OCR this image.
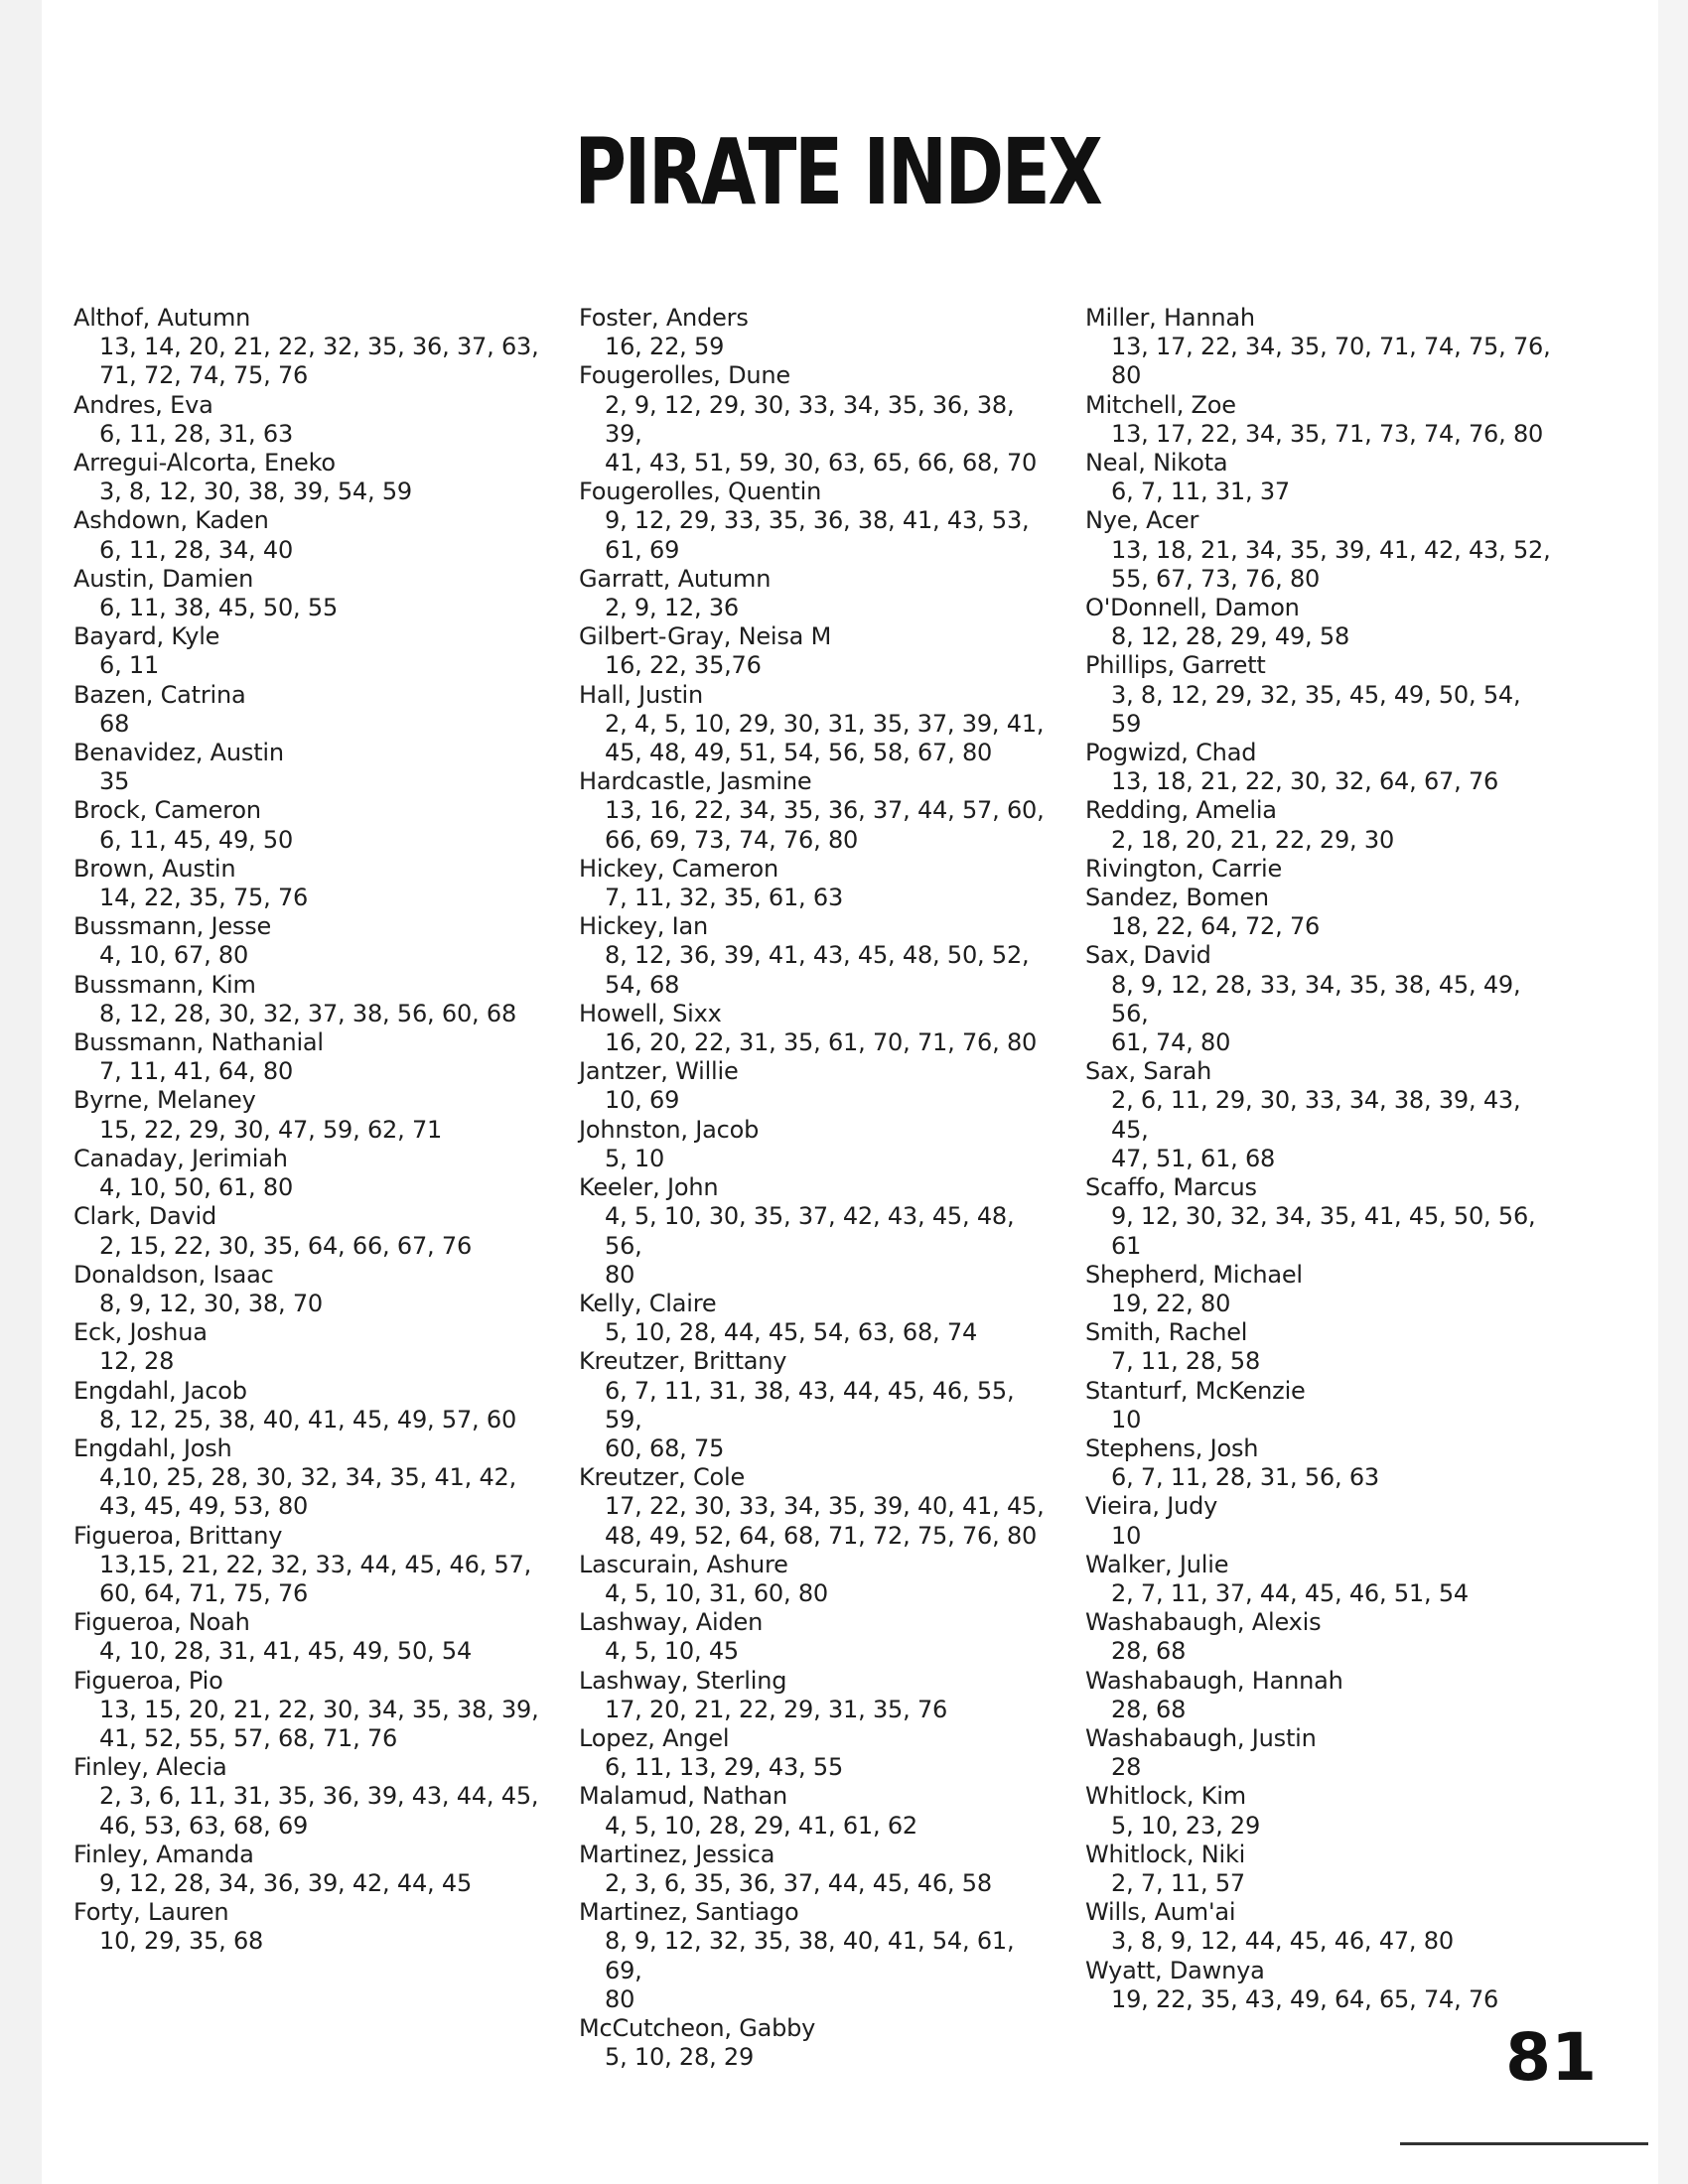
PIRATE INDEX
Althof, Autumn
13, 14, 20, 21, 22, 32, 35, 36, 37, 63,
71, 72, 74, 75, 76
Andres, Eva
6, 11, 28, 31, 63
Arregui-Alcorta, Eneko
3, 8, 12, 30, 38, 39, 54, 59
Ashdown, Kaden
6, 11, 28, 34, 40
Austin, Damien
6, 11, 38, 45, 50, 55
Bayard, Kyle
6, 11
Bazen, Catrina
68
Benavidez, Austin
35
Brock, Cameron
6, 11, 45, 49, 50
Brown, Austin
14, 22, 35, 75, 76
Bussmann, Jesse
4, 10, 67, 80
Bussmann, Kim
8, 12, 28, 30, 32, 37, 38, 56, 60, 68
Bussmann, Nathanial
7, 11, 41, 64, 80
Byrne, Melaney
15, 22, 29, 30, 47, 59, 62, 71
Canaday, Jerimiah
4, 10, 50, 61, 80
Clark, David
2, 15, 22, 30, 35, 64, 66, 67, 76
Donaldson, Isaac
8, 9, 12, 30, 38, 70
Eck, Joshua
12, 28
Engdahl, Jacob
8, 12, 25, 38, 40, 41, 45, 49, 57, 60
Engdahl, Josh
4,10, 25, 28, 30, 32, 34, 35, 41, 42,
43, 45, 49, 53, 80
Figueroa, Brittany
13,15, 21, 22, 32, 33, 44, 45, 46, 57,
60, 64, 71, 75, 76
Figueroa, Noah
4, 10, 28, 31, 41, 45, 49, 50, 54
Figueroa, Pio
13, 15, 20, 21, 22, 30, 34, 35, 38, 39,
41, 52, 55, 57, 68, 71, 76
Finley, Alecia
2, 3, 6, 11, 31, 35, 36, 39, 43, 44, 45,
46, 53, 63, 68, 69
Finley, Amanda
9, 12, 28, 34, 36, 39, 42, 44, 45
Forty, Lauren
10, 29, 35, 68
Foster, Anders
16, 22, 59
Fougerolles, Dune
2, 9, 12, 29, 30, 33, 34, 35, 36, 38, 39,
41, 43, 51, 59, 30, 63, 65, 66, 68, 70
Fougerolles, Quentin
9, 12, 29, 33, 35, 36, 38, 41, 43, 53,
61, 69
Garratt, Autumn
2, 9, 12, 36
Gilbert-Gray, Neisa M
16, 22, 35,76
Hall, Justin
2, 4, 5, 10, 29, 30, 31, 35, 37, 39, 41,
45, 48, 49, 51, 54, 56, 58, 67, 80
Hardcastle, Jasmine
13, 16, 22, 34, 35, 36, 37, 44, 57, 60,
66, 69, 73, 74, 76, 80
Hickey, Cameron
7, 11, 32, 35, 61, 63
Hickey, Ian
8, 12, 36, 39, 41, 43, 45, 48, 50, 52,
54, 68
Howell, Sixx
16, 20, 22, 31, 35, 61, 70, 71, 76, 80
Jantzer, Willie
10, 69
Johnston, Jacob
5, 10
Keeler, John
4, 5, 10, 30, 35, 37, 42, 43, 45, 48, 56,
80
Kelly, Claire
5, 10, 28, 44, 45, 54, 63, 68, 74
Kreutzer, Brittany
6, 7, 11, 31, 38, 43, 44, 45, 46, 55, 59,
60, 68, 75
Kreutzer, Cole
17, 22, 30, 33, 34, 35, 39, 40, 41, 45,
48, 49, 52, 64, 68, 71, 72, 75, 76, 80
Lascurain, Ashure
4, 5, 10, 31, 60, 80
Lashway, Aiden
4, 5, 10, 45
Lashway, Sterling
17, 20, 21, 22, 29, 31, 35, 76
Lopez, Angel
6, 11, 13, 29, 43, 55
Malamud, Nathan
4, 5, 10, 28, 29, 41, 61, 62
Martinez, Jessica
2, 3, 6, 35, 36, 37, 44, 45, 46, 58
Martinez, Santiago
8, 9, 12, 32, 35, 38, 40, 41, 54, 61, 69,
80
McCutcheon, Gabby
5, 10, 28, 29
Miller, Hannah
13, 17, 22, 34, 35, 70, 71, 74, 75, 76,
80
Mitchell, Zoe
13, 17, 22, 34, 35, 71, 73, 74, 76, 80
Neal, Nikota
6, 7, 11, 31, 37
Nye, Acer
13, 18, 21, 34, 35, 39, 41, 42, 43, 52,
55, 67, 73, 76, 80
O'Donnell, Damon
8, 12, 28, 29, 49, 58
Phillips, Garrett
3, 8, 12, 29, 32, 35, 45, 49, 50, 54, 59
Pogwizd, Chad
13, 18, 21, 22, 30, 32, 64, 67, 76
Redding, Amelia
2, 18, 20, 21, 22, 29, 30
Rivington, Carrie
Sandez, Bomen
18, 22, 64, 72, 76
Sax, David
8, 9, 12, 28, 33, 34, 35, 38, 45, 49, 56,
61, 74, 80
Sax, Sarah
2, 6, 11, 29, 30, 33, 34, 38, 39, 43, 45,
47, 51, 61, 68
Scaffo, Marcus
9, 12, 30, 32, 34, 35, 41, 45, 50, 56, 61
Shepherd, Michael
19, 22, 80
Smith, Rachel
7, 11, 28, 58
Stanturf, McKenzie
10
Stephens, Josh
6, 7, 11, 28, 31, 56, 63
Vieira, Judy
10
Walker, Julie
2, 7, 11, 37, 44, 45, 46, 51, 54
Washabaugh, Alexis
28, 68
Washabaugh, Hannah
28, 68
Washabaugh, Justin
28
Whitlock, Kim
5, 10, 23, 29
Whitlock, Niki
2, 7, 11, 57
Wills, Aum'ai
3, 8, 9, 12, 44, 45, 46, 47, 80
Wyatt, Dawnya
19, 22, 35, 43, 49, 64, 65, 74, 76
81
